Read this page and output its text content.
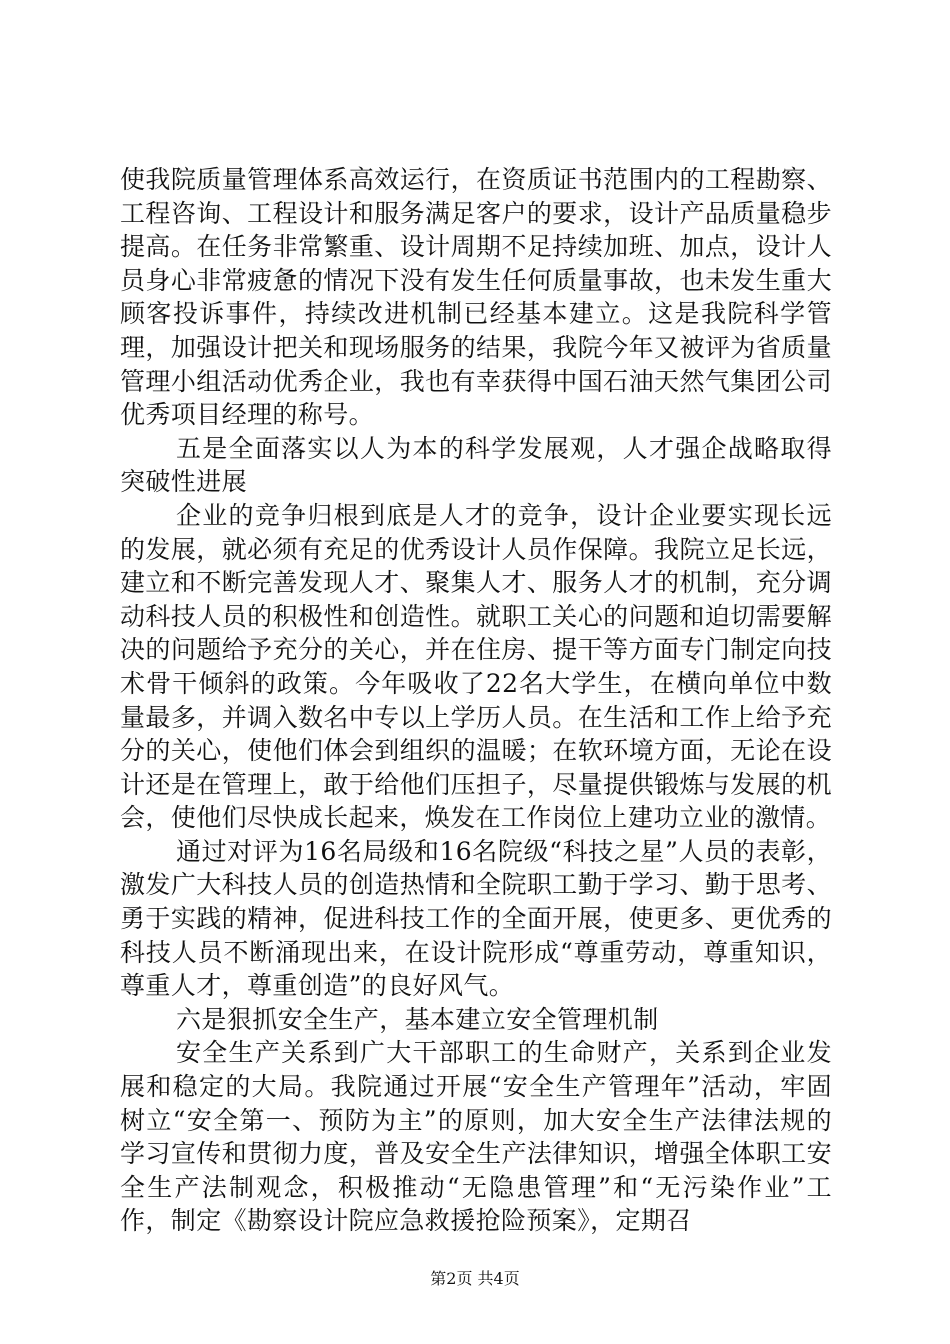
使我院质量管理体系高效运行，在资质证书范围内的工程勘察、工程咨询、工程设计和服务满足客户的要求，设计产品质量稳步提高。在任务非常繁重、设计周期不足持续加班、加点，设计人员身心非常疲惫的情况下没有发生任何质量事故，也未发生重大顾客投诉事件，持续改进机制已经基本建立。这是我院科学管理，加强设计把关和现场服务的结果，我院今年又被评为省质量管理小组活动优秀企业，我也有幸获得中国石油天然气集团公司优秀项目经理的称号。

五是全面落实以人为本的科学发展观，人才强企战略取得突破性进展

企业的竞争归根到底是人才的竞争，设计企业要实现长远的发展，就必须有充足的优秀设计人员作保障。我院立足长远，建立和不断完善发现人才、聚集人才、服务人才的机制，充分调动科技人员的积极性和创造性。就职工关心的问题和迫切需要解决的问题给予充分的关心，并在住房、提干等方面专门制定向技术骨干倾斜的政策。今年吸收了22名大学生，在横向单位中数量最多，并调入数名中专以上学历人员。在生活和工作上给予充分的关心，使他们体会到组织的温暖；在软环境方面，无论在设计还是在管理上，敢于给他们压担子，尽量提供锻炼与发展的机会，使他们尽快成长起来，焕发在工作岗位上建功立业的激情。

通过对评为16名局级和16名院级“科技之星”人员的表彰，激发广大科技人员的创造热情和全院职工勤于学习、勤于思考、勇于实践的精神，促进科技工作的全面开展，使更多、更优秀的科技人员不断涌现出来，在设计院形成“尊重劳动，尊重知识，尊重人才，尊重创造”的良好风气。

六是狠抓安全生产，基本建立安全管理机制

安全生产关系到广大干部职工的生命财产，关系到企业发展和稳定的大局。我院通过开展“安全生产管理年”活动，牢固树立“安全第一、预防为主”的原则，加大安全生产法律法规的学习宣传和贯彻力度，普及安全生产法律知识，增强全体职工安全生产法制观念，积极推动“无隐患管理”和“无污染作业”工作，制定《勘察设计院应急救援抢险预案》，定期召

第2页 共4页
